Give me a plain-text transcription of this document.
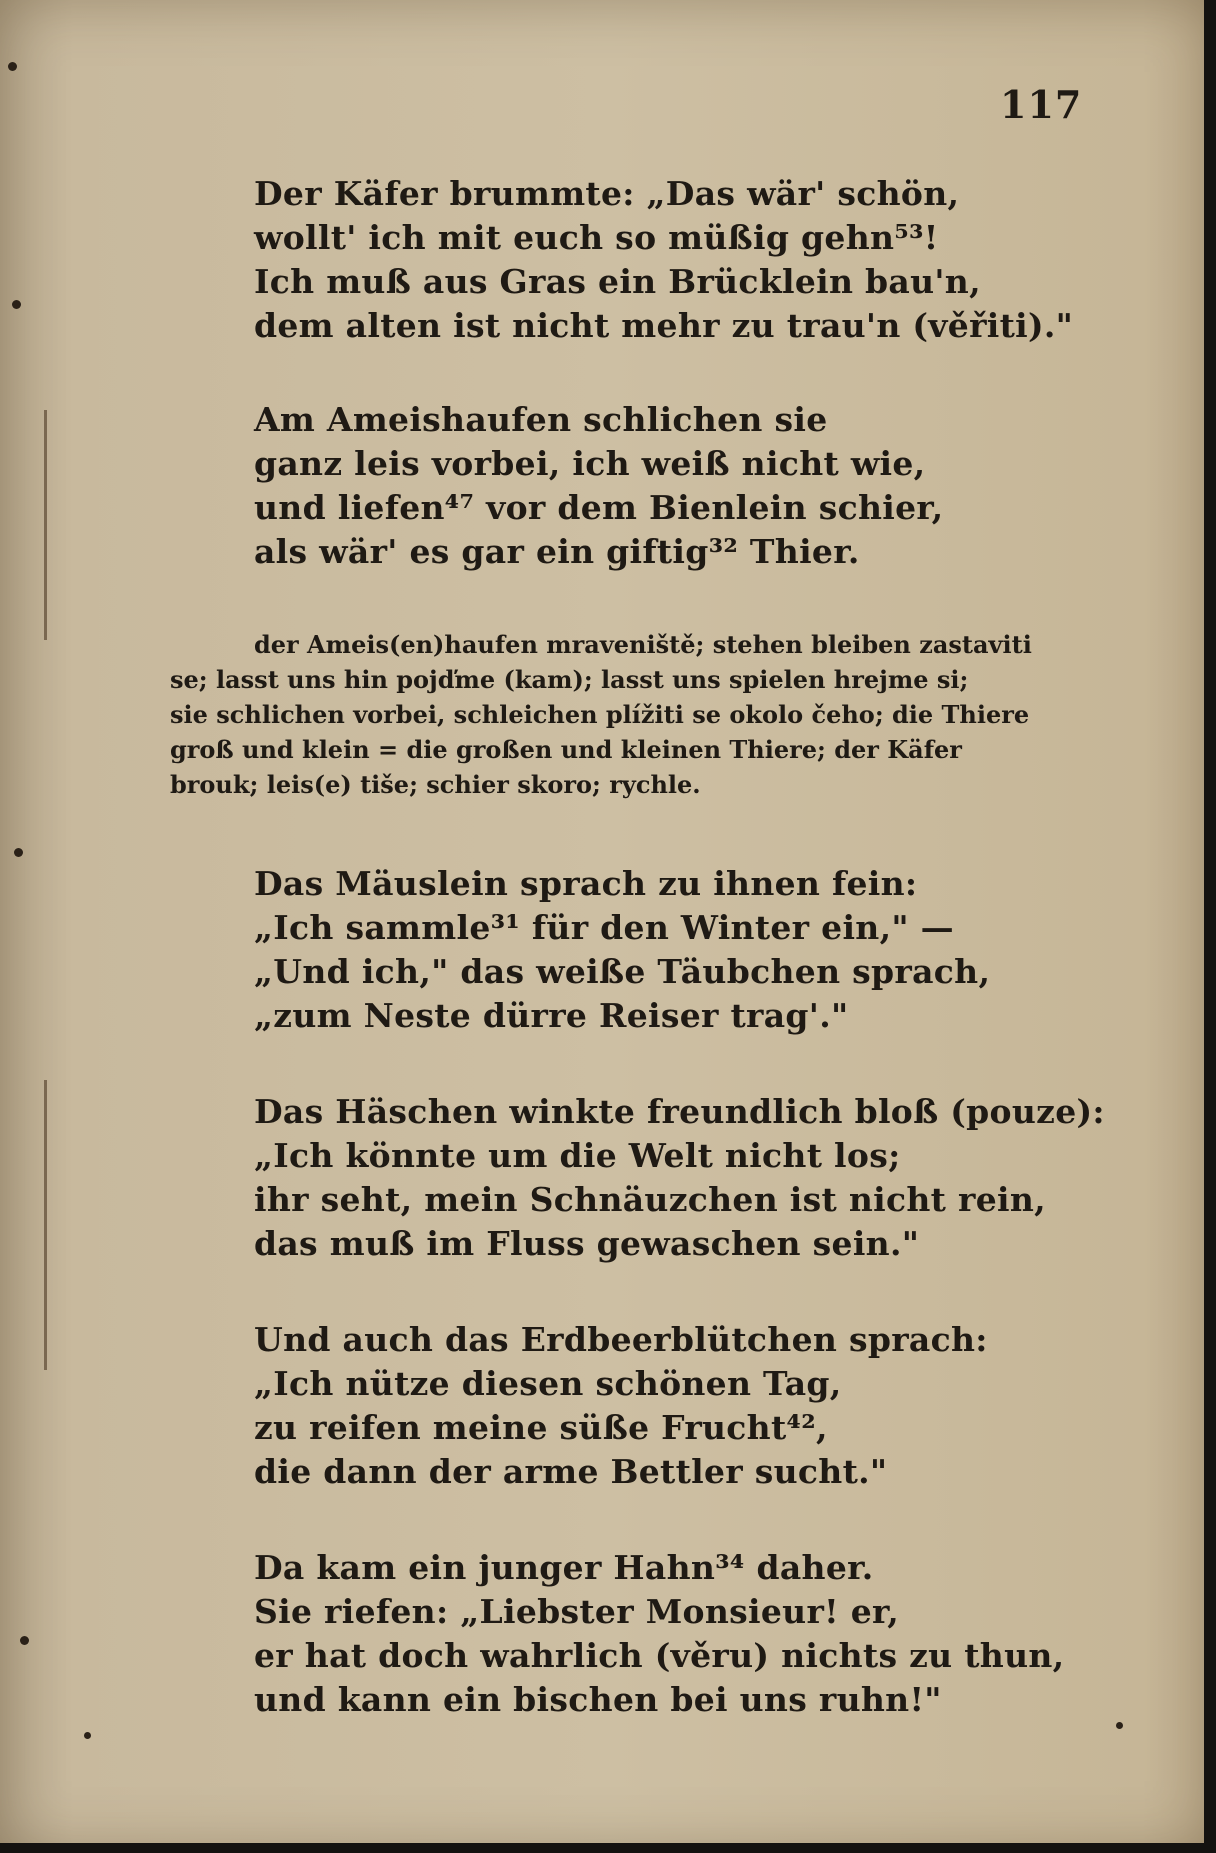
117
Der Käfer brummte: „Das wär' schön,
wollt' ich mit euch so müßig gehn⁵³!
Ich muß aus Gras ein Brücklein bau'n,
dem alten ist nicht mehr zu trau'n (věřiti)."
Am Ameishaufen schlichen sie
ganz leis vorbei, ich weiß nicht wie,
und liefen⁴⁷ vor dem Bienlein schier,
als wär' es gar ein giftig³² Thier.
der Ameis(en)haufen mraveniště; stehen bleiben zastaviti
se; lasst uns hin pojďme (kam); lasst uns spielen hrejme si;
sie schlichen vorbei, schleichen plížiti se okolo čeho; die Thiere
groß und klein = die großen und kleinen Thiere; der Käfer
brouk; leis(e) tiše; schier skoro; rychle.
Das Mäuslein sprach zu ihnen fein:
„Ich sammle³¹ für den Winter ein," —
„Und ich," das weiße Täubchen sprach,
„zum Neste dürre Reiser trag'."
Das Häschen winkte freundlich bloß (pouze):
„Ich könnte um die Welt nicht los;
ihr seht, mein Schnäuzchen ist nicht rein,
das muß im Fluss gewaschen sein."
Und auch das Erdbeerblütchen sprach:
„Ich nütze diesen schönen Tag,
zu reifen meine süße Frucht⁴²,
die dann der arme Bettler sucht."
Da kam ein junger Hahn³⁴ daher.
Sie riefen: „Liebster Monsieur! er,
er hat doch wahrlich (věru) nichts zu thun,
und kann ein bischen bei uns ruhn!"
